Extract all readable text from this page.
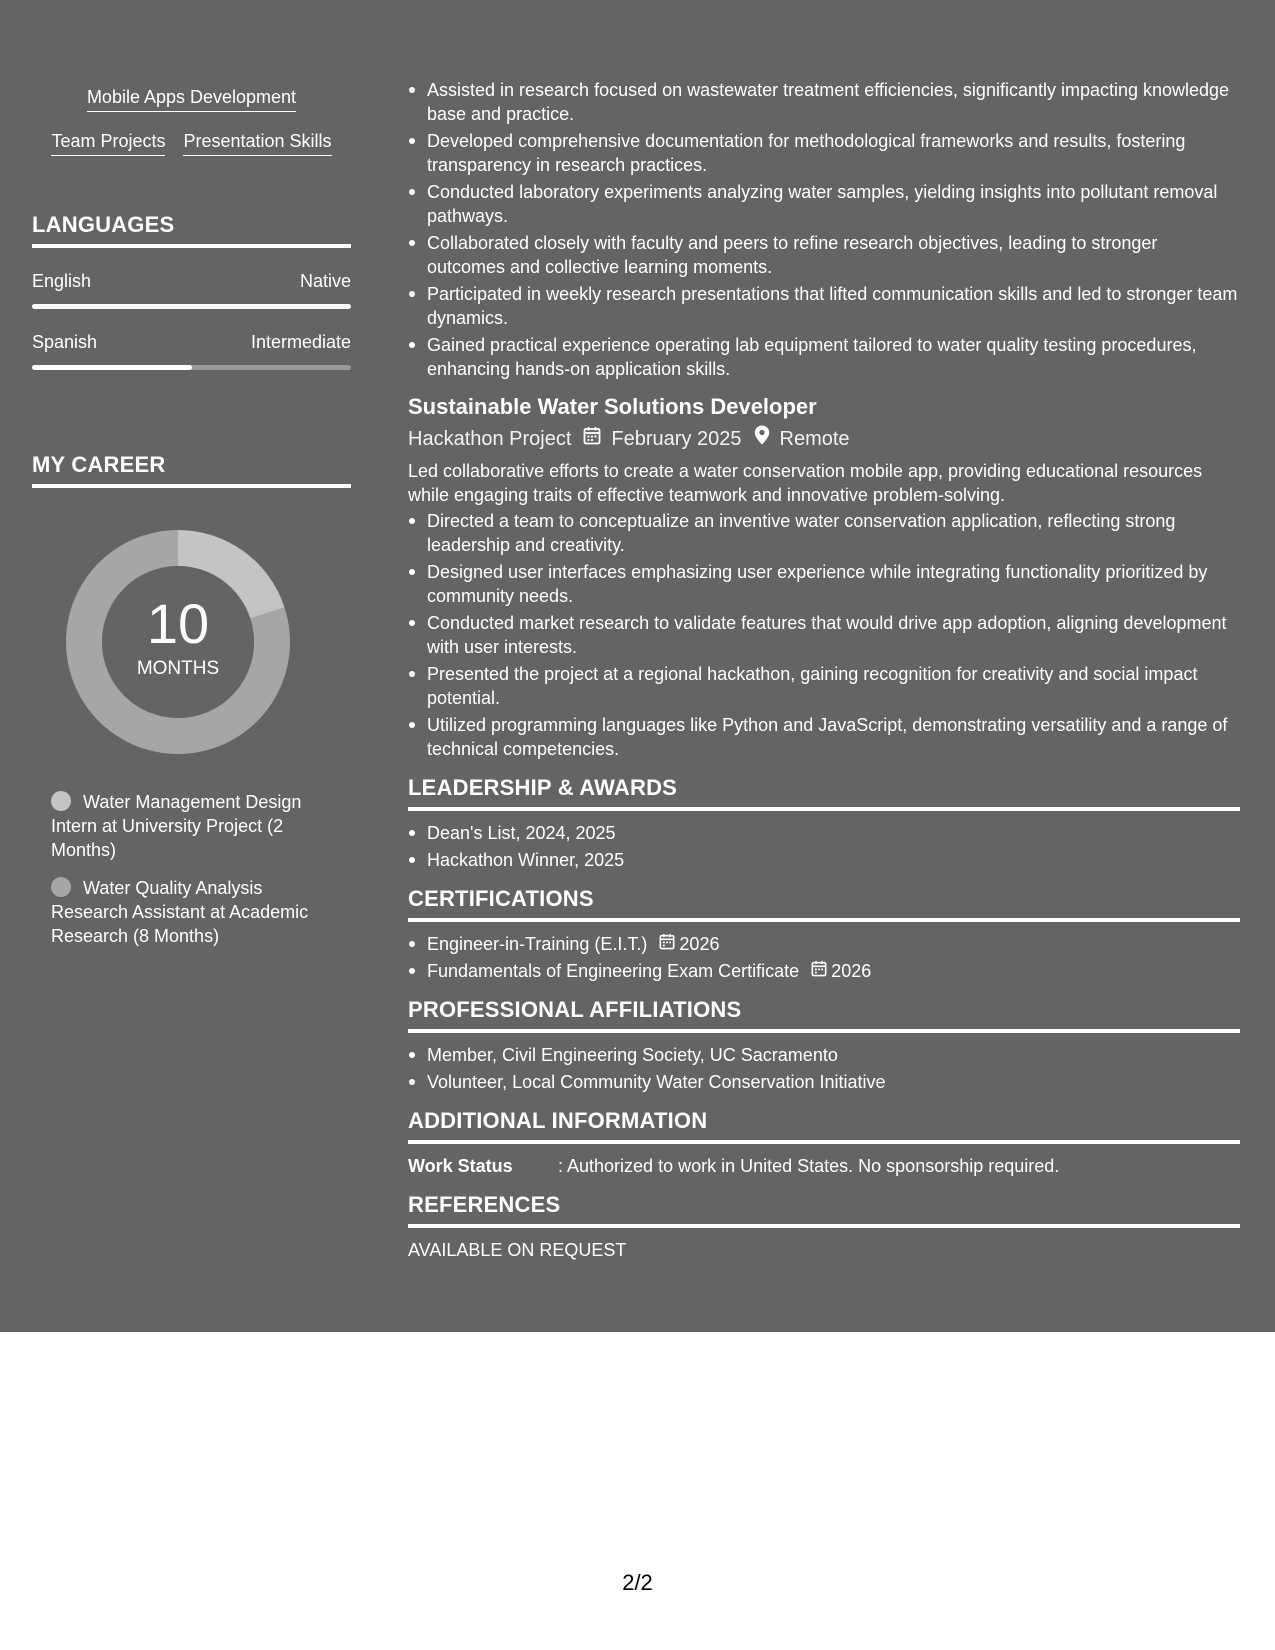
Mobile Apps Development
Team Projects Presentation Skills
LANGUAGES
English	Native
Spanish	Intermediate
MY CAREER
10
MONTHS
Water Management Design Intern at University Project (2 Months)
Water Quality Analysis Research Assistant at Academic Research (8 Months)
Assisted in research focused on wastewater treatment efficiencies, significantly impacting knowledge base and practice.
Developed comprehensive documentation for methodological frameworks and results, fostering transparency in research practices.
Conducted laboratory experiments analyzing water samples, yielding insights into pollutant removal pathways.
Collaborated closely with faculty and peers to refine research objectives, leading to stronger outcomes and collective learning moments.
Participated in weekly research presentations that lifted communication skills and led to stronger team dynamics.
Gained practical experience operating lab equipment tailored to water quality testing procedures, enhancing hands-on application skills.
Sustainable Water Solutions Developer
Hackathon Project February 2025 Remote
Led collaborative efforts to create a water conservation mobile app, providing educational resources while engaging traits of effective teamwork and innovative problem-solving.
Directed a team to conceptualize an inventive water conservation application, reflecting strong leadership and creativity.
Designed user interfaces emphasizing user experience while integrating functionality prioritized by community needs.
Conducted market research to validate features that would drive app adoption, aligning development with user interests.
Presented the project at a regional hackathon, gaining recognition for creativity and social impact potential.
Utilized programming languages like Python and JavaScript, demonstrating versatility and a range of technical competencies.
LEADERSHIP & AWARDS
Dean's List, 2024, 2025
Hackathon Winner, 2025
CERTIFICATIONS
Engineer-in-Training (E.I.T.) 2026
Fundamentals of Engineering Exam Certificate 2026
PROFESSIONAL AFFILIATIONS
Member, Civil Engineering Society, UC Sacramento
Volunteer, Local Community Water Conservation Initiative
ADDITIONAL INFORMATION
Work Status	: Authorized to work in United States. No sponsorship required.
REFERENCES
AVAILABLE ON REQUEST
2/2
